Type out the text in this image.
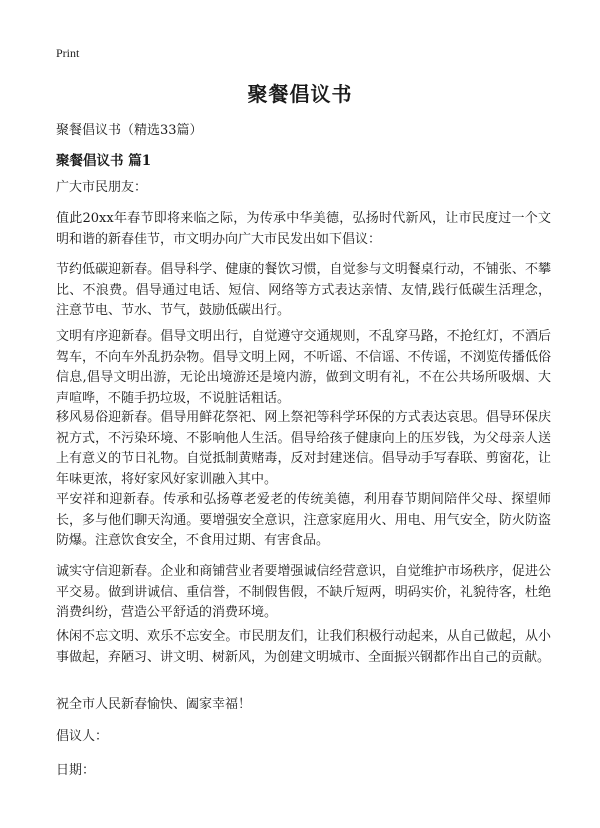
Print
聚餐倡议书

聚餐倡议书（精选33篇）

聚餐倡议书 篇1

广大市民朋友：

值此20xx年春节即将来临之际，为传承中华美德，弘扬时代新风，让市民度过一个文明和谐的新春佳节，市文明办向广大市民发出如下倡议：

节约低碳迎新春。倡导科学、健康的餐饮习惯，自觉参与文明餐桌行动，不铺张、不攀比、不浪费。倡导通过电话、短信、网络等方式表达亲情、友情,践行低碳生活理念，注意节电、节水、节气，鼓励低碳出行。

文明有序迎新春。倡导文明出行，自觉遵守交通规则，不乱穿马路，不抢红灯，不酒后驾车，不向车外乱扔杂物。倡导文明上网，不听谣、不信谣、不传谣，不浏览传播低俗信息,倡导文明出游，无论出境游还是境内游，做到文明有礼，不在公共场所吸烟、大声喧哗，不随手扔垃圾，不说脏话粗话。

移风易俗迎新春。倡导用鲜花祭祀、网上祭祀等科学环保的方式表达哀思。倡导环保庆祝方式，不污染环境、不影响他人生活。倡导给孩子健康向上的压岁钱，为父母亲人送上有意义的节日礼物。自觉抵制黄赌毒，反对封建迷信。倡导动手写春联、剪窗花，让年味更浓，将好家风好家训融入其中。

平安祥和迎新春。传承和弘扬尊老爱老的传统美德，利用春节期间陪伴父母、探望师长，多与他们聊天沟通。要增强安全意识，注意家庭用火、用电、用气安全，防火防盗防爆。注意饮食安全，不食用过期、有害食品。

诚实守信迎新春。企业和商铺营业者要增强诚信经营意识，自觉维护市场秩序，促进公平交易。做到讲诚信、重信誉，不制假售假，不缺斤短两，明码实价，礼貌待客，杜绝消费纠纷，营造公平舒适的消费环境。

休闲不忘文明、欢乐不忘安全。市民朋友们，让我们积极行动起来，从自己做起，从小事做起，弃陋习、讲文明、树新风，为创建文明城市、全面振兴钢都作出自己的贡献。

祝全市人民新春愉快、阖家幸福！

倡议人：

日期：
